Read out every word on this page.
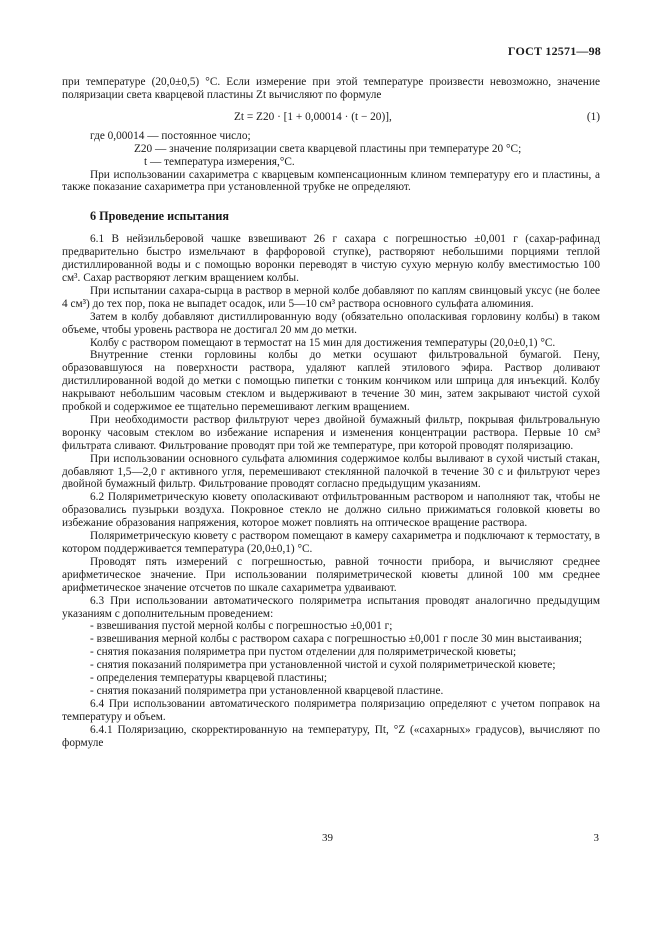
ГОСТ 12571—98

при температуре (20,0±0,5) °С. Если измерение при этой температуре произвести невозможно, значение поляризации света кварцевой пластины Zt вычисляют по формуле

Zt = Z20 · [1 + 0,00014 · (t − 20)],	(1)

где 0,00014 — постоянное число;

Z20 — значение поляризации света кварцевой пластины при температуре 20 °С;

t — температура измерения,°С.

При использовании сахариметра с кварцевым компенсационным клином температуру его и пластины, а также показание сахариметра при установленной трубке не определяют.

6 Проведение испытания

6.1 В нейзильберовой чашке взвешивают 26 г сахара с погрешностью ±0,001 г (сахар-рафинад предварительно быстро измельчают в фарфоровой ступке), растворяют небольшими порциями теплой дистиллированной воды и с помощью воронки переводят в чистую сухую мерную колбу вместимостью 100 см³. Сахар растворяют легким вращением колбы.

При испытании сахара-сырца в раствор в мерной колбе добавляют по каплям свинцовый уксус (не более 4 см³) до тех пор, пока не выпадет осадок, или 5—10 см³ раствора основного сульфата алюминия.

Затем в колбу добавляют дистиллированную воду (обязательно ополаскивая горловину колбы) в таком объеме, чтобы уровень раствора не достигал 20 мм до метки.

Колбу с раствором помещают в термостат на 15 мин для достижения температуры (20,0±0,1) °С.

Внутренние стенки горловины колбы до метки осушают фильтровальной бумагой. Пену, образовавшуюся на поверхности раствора, удаляют каплей этилового эфира. Раствор доливают дистиллированной водой до метки с помощью пипетки с тонким кончиком или шприца для инъекций. Колбу накрывают небольшим часовым стеклом и выдерживают в течение 30 мин, затем закрывают чистой сухой пробкой и содержимое ее тщательно перемешивают легким вращением.

При необходимости раствор фильтруют через двойной бумажный фильтр, покрывая фильтровальную воронку часовым стеклом во избежание испарения и изменения концентрации раствора. Первые 10 см³ фильтрата сливают. Фильтрование проводят при той же температуре, при которой проводят поляризацию.

При использовании основного сульфата алюминия содержимое колбы выливают в сухой чистый стакан, добавляют 1,5—2,0 г активного угля, перемешивают стеклянной палочкой в течение 30 с и фильтруют через двойной бумажный фильтр. Фильтрование проводят согласно предыдущим указаниям.

6.2 Поляриметрическую кювету ополаскивают отфильтрованным раствором и наполняют так, чтобы не образовались пузырьки воздуха. Покровное стекло не должно сильно прижиматься головкой кюветы во избежание образования напряжения, которое может повлиять на оптическое вращение раствора.

Поляриметрическую кювету с раствором помещают в камеру сахариметра и подключают к термостату, в котором поддерживается температура (20,0±0,1) °С.

Проводят пять измерений с погрешностью, равной точности прибора, и вычисляют среднее арифметическое значение. При использовании поляриметрической кюветы длиной 100 мм среднее арифметическое значение отсчетов по шкале сахариметра удваивают.

6.3 При использовании автоматического поляриметра испытания проводят аналогично предыдущим указаниям с дополнительным проведением:

- взвешивания пустой мерной колбы с погрешностью ±0,001 г;

- взвешивания мерной колбы с раствором сахара с погрешностью ±0,001 г после 30 мин выстаивания;

- снятия показания поляриметра при пустом отделении для поляриметрической кюветы;

- снятия показаний поляриметра при установленной чистой и сухой поляриметрической кювете;

- определения температуры кварцевой пластины;

- снятия показаний поляриметра при установленной кварцевой пластине.

6.4 При использовании автоматического поляриметра поляризацию определяют с учетом поправок на температуру и объем.

6.4.1 Поляризацию, скорректированную на температуру, Пt, °Z («сахарных» градусов), вычисляют по формуле

39	3
